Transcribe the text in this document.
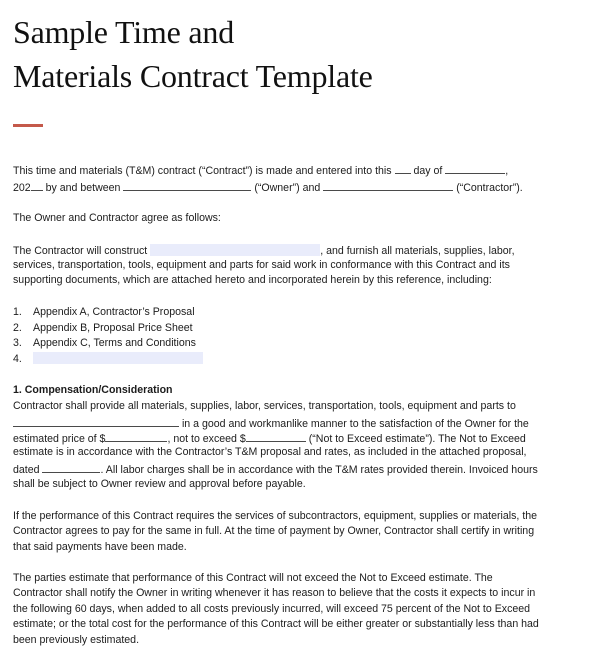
Sample Time and
Materials Contract Template
This time and materials (T&M) contract (“Contract”) is made and entered into this day of	,
202 by and between	(“Owner”) and	(“Contractor”).
The Owner and Contractor agree as follows:
The Contractor will construct	, and furnish all materials, supplies, labor,
services, transportation, tools, equipment and parts for said work in conformance with this Contract and its
supporting documents, which are attached hereto and incorporated herein by this reference, including:
1. Appendix A, Contractor’s Proposal
2. Appendix B, Proposal Price Sheet
3. Appendix C, Terms and Conditions
4.
1. Compensation/Consideration
Contractor shall provide all materials, supplies, labor, services, transportation, tools, equipment and parts to
in a good and workmanlike manner to the satisfaction of the Owner for the
estimated price of $	, not to exceed $	(“Not to Exceed estimate”). The Not to Exceed
estimate is in accordance with the Contractor’s T&M proposal and rates, as included in the attached proposal,
dated	. All labor charges shall be in accordance with the T&M rates provided therein. Invoiced hours
shall be subject to Owner review and approval before payable.
If the performance of this Contract requires the services of subcontractors, equipment, supplies or materials, the
Contractor agrees to pay for the same in full. At the time of payment by Owner, Contractor shall certify in writing
that said payments have been made.
The parties estimate that performance of this Contract will not exceed the Not to Exceed estimate. The
Contractor shall notify the Owner in writing whenever it has reason to believe that the costs it expects to incur in
the following 60 days, when added to all costs previously incurred, will exceed 75 percent of the Not to Exceed
estimate; or the total cost for the performance of this Contract will be either greater or substantially less than had
been previously estimated.
